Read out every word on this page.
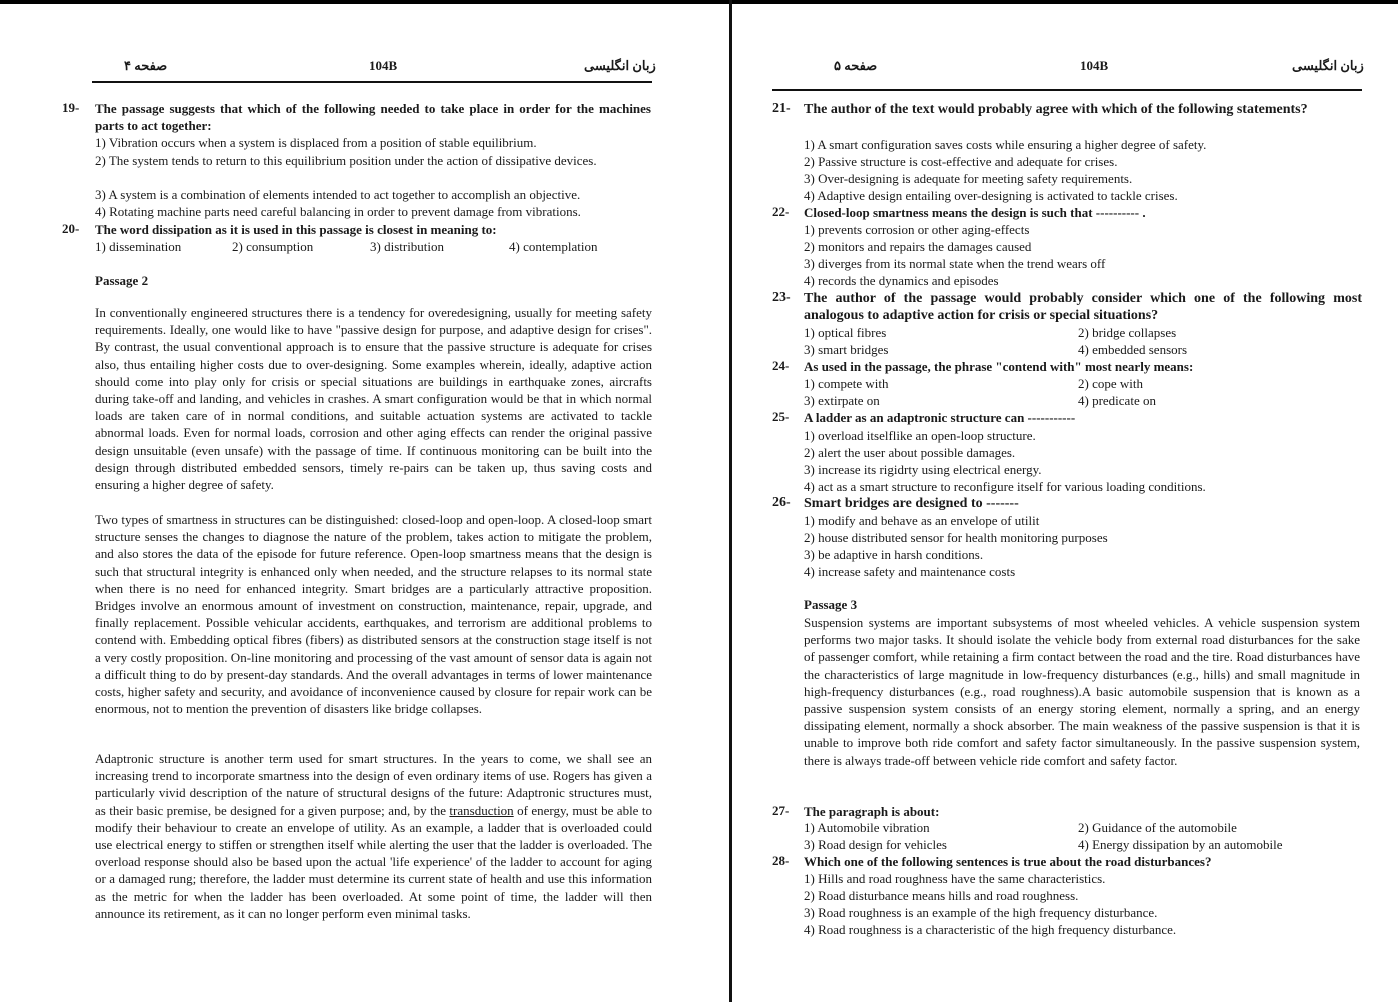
صفحه ۴	104B	زبان انگلیسی
19- The passage suggests that which of the following needed to take place in order for the machines parts to act together:
1) Vibration occurs when a system is displaced from a position of stable equilibrium.
2) The system tends to return to this equilibrium position under the action of dissipative devices.
3) A system is a combination of elements intended to act together to accomplish an objective.
4) Rotating machine parts need careful balancing in order to prevent damage from vibrations.
20- The word dissipation as it is used in this passage is closest in meaning to:
1) dissemination	2) consumption	3) distribution	4) contemplation
Passage 2
In conventionally engineered structures there is a tendency for overedesigning, usually for meeting safety requirements. Ideally, one would like to have "passive design for purpose, and adaptive design for crises". By contrast, the usual conventional approach is to ensure that the passive structure is adequate for crises also, thus entailing higher costs due to over-designing. Some examples wherein, ideally, adaptive action should come into play only for crisis or special situations are buildings in earthquake zones, aircrafts during take-off and landing, and vehicles in crashes. A smart configuration would be that in which normal loads are taken care of in normal conditions, and suitable actuation systems are activated to tackle abnormal loads. Even for normal loads, corrosion and other aging effects can render the original passive design unsuitable (even unsafe) with the passage of time. If continuous monitoring can be built into the design through distributed embedded sensors, timely re-pairs can be taken up, thus saving costs and ensuring a higher degree of safety.
Two types of smartness in structures can be distinguished: closed-loop and open-loop. A closed-loop smart structure senses the changes to diagnose the nature of the problem, takes action to mitigate the problem, and also stores the data of the episode for future reference. Open-loop smartness means that the design is such that structural integrity is enhanced only when needed, and the structure relapses to its normal state when there is no need for enhanced integrity. Smart bridges are a particularly attractive proposition. Bridges involve an enormous amount of investment on construction, maintenance, repair, upgrade, and finally replacement. Possible vehicular accidents, earthquakes, and terrorism are additional problems to contend with. Embedding optical fibres (fibers) as distributed sensors at the construction stage itself is not a very costly proposition. On-line monitoring and processing of the vast amount of sensor data is again not a difficult thing to do by present-day standards. And the overall advantages in terms of lower maintenance costs, higher safety and security, and avoidance of inconvenience caused by closure for repair work can be enormous, not to mention the prevention of disasters like bridge collapses.
Adaptronic structure is another term used for smart structures. In the years to come, we shall see an increasing trend to incorporate smartness into the design of even ordinary items of use. Rogers has given a particularly vivid description of the nature of structural designs of the future: Adaptronic structures must, as their basic premise, be designed for a given purpose; and, by the transduction of energy, must be able to modify their behaviour to create an envelope of utility. As an example, a ladder that is overloaded could use electrical energy to stiffen or strengthen itself while alerting the user that the ladder is overloaded. The overload response should also be based upon the actual 'life experience' of the ladder to account for aging or a damaged rung; therefore, the ladder must determine its current state of health and use this information as the metric for when the ladder has been overloaded. At some point of time, the ladder will then announce its retirement, as it can no longer perform even minimal tasks.
صفحه ۵	104B	زبان انگلیسی
21- The author of the text would probably agree with which of the following statements?
1) A smart configuration saves costs while ensuring a higher degree of safety.
2) Passive structure is cost-effective and adequate for crises.
3) Over-designing is adequate for meeting safety requirements.
4) Adaptive design entailing over-designing is activated to tackle crises.
22- Closed-loop smartness means the design is such that ---------- .
1) prevents corrosion or other aging-effects
2) monitors and repairs the damages caused
3) diverges from its normal state when the trend wears off
4) records the dynamics and episodes
23- The author of the passage would probably consider which one of the following most analogous to adaptive action for crisis or special situations?
1) optical fibres	2) bridge collapses
3) smart bridges	4) embedded sensors
24- As used in the passage, the phrase "contend with" most nearly means:
1) compete with	2) cope with
3) extirpate on	4) predicate on
25- A ladder as an adaptronic structure can -----------
1) overload itselflike an open-loop structure.
2) alert the user about possible damages.
3) increase its rigidrty using electrical energy.
4) act as a smart structure to reconfigure itself for various loading conditions.
26- Smart bridges are designed to -------
1) modify and behave as an envelope of utilit
2) house distributed sensor for health monitoring purposes
3) be adaptive in harsh conditions.
4) increase safety and maintenance costs
Passage 3
Suspension systems are important subsystems of most wheeled vehicles. A vehicle suspension system performs two major tasks. It should isolate the vehicle body from external road disturbances for the sake of passenger comfort, while retaining a firm contact between the road and the tire. Road disturbances have the characteristics of large magnitude in low-frequency disturbances (e.g., hills) and small magnitude in high-frequency disturbances (e.g., road roughness).A basic automobile suspension that is known as a passive suspension system consists of an energy storing element, normally a spring, and an energy dissipating element, normally a shock absorber. The main weakness of the passive suspension is that it is unable to improve both ride comfort and safety factor simultaneously. In the passive suspension system, there is always trade-off between vehicle ride comfort and safety factor.
27- The paragraph is about:
1) Automobile vibration	2) Guidance of the automobile
3) Road design for vehicles	4) Energy dissipation by an automobile
28- Which one of the following sentences is true about the road disturbances?
1) Hills and road roughness have the same characteristics.
2) Road disturbance means hills and road roughness.
3) Road roughness is an example of the high frequency disturbance.
4) Road roughness is a characteristic of the high frequency disturbance.
